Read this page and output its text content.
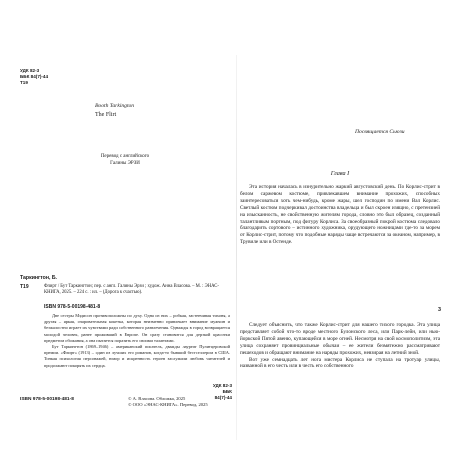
УДК 82-3
ББК 84(7)-44
Т19
Booth Tarkington
The Flirt
Перевод с английского
Галины ЭРЗИ
Таркингтон, Б.
Т19	Флирт / Бут Таркингтон; пер. с англ. Галины Эрзи ; худож. Анна Власова. – М. : ЭНАС-КНИГА, 2025. – 224 с. : ил. – (Дорога к счастью).
ISBN 978-5-00198-481-8

Две сестры Мэдисон противоположны по духу. Одна из них – робкая, застенчивая тихоня, а другая – яркая, очаровательная кокетка, которая неизменно привлекает внимание мужчин и безжалостно играет их чувствами ради собственного развлечения. Однажды в город возвращается молодой человек, ранее проживший в Европе. Он сразу становится для дерзкой красотки предметом обожания, а она пытается поразить его своими талантами.

Бут Таркингтон (1869–1946) – американский писатель, дважды лауреат Пулитцеровской премии. «Флирт» (1913) – один из лучших его романов, когда-то бывший бестселлером в США. Тонкая психология персонажей, юмор и искренность героев заслужили любовь читателей и продолжают покорять их сердца.

УДК 82-3
ББК 84(7)-44
ISBN 978-5-00198-481-8	© А. Власова. Обложка, 2025
© ООО «ЭНАС-КНИГА». Перевод, 2025
Посвящается Сьюзи
Глава I

Эта история началась в изнурительно жаркий августовский день. По Корлис-стрит в белом саржевом костюме, привлекавшем внимание прохожих, способных заинтересоваться хоть чем-нибудь, кроме жары, шел господин по имени Вал Корлис. Светлый костюм подчеркивал достоинства владельца и был скроен изящно, с претензией на изысканность, не свойственную жителям города, словно это был образец, созданный талантливым портным, под фигуру Корлиса. За своеобразный покрой костюма следовало благодарить сортового – истинного художника, орудующего ножницами где-то за морем от Корлис-стрит, потому что подобные наряды чаще встречаются за океаном, например, в Трувиле или в Остенде.

3

Следует объяснить, что также Корлис-стрит для нашего тихого городка. Эта улица представляет собой что-то вроде местного Булонского леса, или Парк-лейн, или нью-йоркской Пятой авеню, купающейся в море огней. Несмотря на свой космополитизм, эта улица сохраняет провинциальные обычаи – ее жители безмятежно рассматривают пешеходов и обращают внимание на наряды прохожих, невзирая на летний зной.

Вот уже семнадцать лет нога мистера Корлиса не ступала на тротуар улицы, названной в его честь или в честь его собственного
